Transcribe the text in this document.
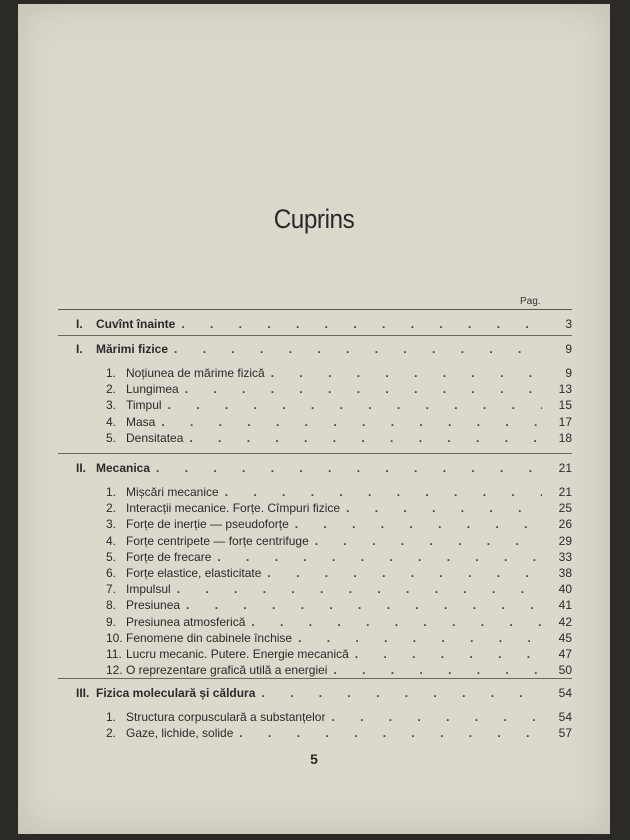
Cuprins
Pag.
I.	Cuvînt înainte . . .	3
I.	Mărimi fizice . . .	9
1. Noțiunea de mărime fizică . . .	9
2. Lungimea . . .	13
3. Timpul . . .	15
4. Masa . . .	17
5. Densitatea . . .	18
II. Mecanica . . .	21
1. Mișcări mecanice . . .	21
2. Interacții mecanice. Forțe. Cîmpuri fizice . . .	25
3. Forțe de inerție — pseudoforțe . . .	26
4. Forțe centripete — forțe centrifuge . . .	29
5. Forțe de frecare . . .	33
6. Forțe elastice, elasticitate . . .	38
7. Impulsul . . .	40
8. Presiunea . . .	41
9. Presiunea atmosferică . . .	42
10. Fenomene din cabinele închise . . .	45
11. Lucru mecanic. Putere. Energie mecanică . . .	47
12. O reprezentare grafică utilă a energiei . . .	50
III. Fizica moleculară și căldura . . .	54
1. Structura corpusculară a substanțelor . . .	54
2. Gaze, lichide, solide . . .	57
5
